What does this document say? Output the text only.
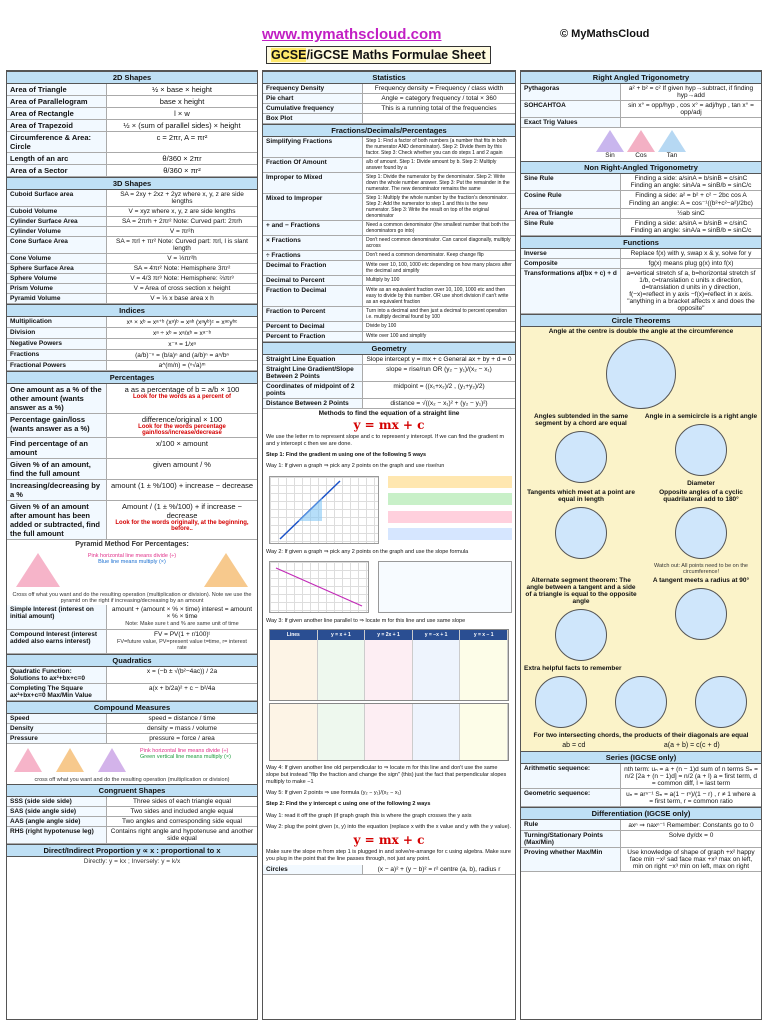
www.mymathscloud.com	© MyMathsCloud
GCSE/iGCSE Maths Formulae Sheet
2D Shapes
Area of Triangle	½ × base × height
Area of Parallelogram	base x height
Area of Rectangle	l × w
Area of Trapezoid	½ × (sum of parallel sides) × height
Circumference & Area: Circle
c = 2πr, A = πr²
Length of an arc	θ/360 × 2πr
Area of a Sector	θ/360 × πr²
3D Shapes
Cuboid Surface area	SA = 2xy + 2xz + 2yz where x, y, z are side lengths
Cuboid Volume	V = xyz where x, y, z are side lengths
Cylinder Surface Area	SA = 2πrh + 2πr² Note: Curved part: 2πrh
Cylinder Volume	V = πr²h
Cone Surface Area	SA = πrl + πr² Note: Curved part: πrl, l is slant length
Cone Volume	V = ⅓πr²h
Sphere Surface Area	SA = 4πr² Note: Hemisphere 3πr²
Sphere Volume	V = 4/3 πr³ Note: Hemisphere: ⅔πr³
Prism Volume	V = Area of cross section x height
Pyramid Volume	V = ⅓ x base area x h
Indices
Multiplication	xᵃ × xᵇ = xᵃ⁺ᵇ (xᵃ)ᵇ = xᵃᵇ (xᵃyᵇ)ᶜ = xᵃᶜyᵇᶜ
Division	xᵃ ÷ xᵇ = xᵃ/xᵇ = xᵃ⁻ᵇ
Negative Powers	x⁻ᵃ = 1/xᵃ
Fractions	(a/b)⁻ⁿ = (b/a)ⁿ and (a/b)ⁿ = aⁿ/bⁿ
Fractional Powers	a^(m/n) = (ⁿ√a)ᵐ
Percentages
One amount as a % of the other amount (wants answer as a %)
a as a percentage of b = a/b × 100
Look for the words as a percent of
Percentage gain/loss (wants answer as a %)
difference/original × 100
Look for the words percentage gain/loss/increase/decrease
Find percentage of an amount
x/100 × amount
Given % of an amount, find the full amount
given amount / %
Increasing/decreasing by a %
amount (1 ± %/100) + increase − decrease
Given % of an amount after amount has been added or subtracted, find the full amount
Amount / (1 ± %/100) + if increase − decrease
Look for the words originally, at the beginning, before..
Pyramid Method For Percentages:
Pink horizontal line means divide (÷)
Blue line means multiply (×)
Cross off what you want and do the resulting operation (multiplication or division). Note we use the pyramid on the right if increasing/decreasing by an amount
Simple Interest (interest on initial amount)
amount + (amount × % × time) interest = amount × % × time
Note: Make sure t and % are same unit of time
Compound Interest (interest added also earns interest)
FV = PV(1 + r/100)ᵗ
FV=future value, PV=present value t=time, r= interest rate
Quadratics
Quadratic Function: Solutions to ax²+bx+c=0
x = (−b ± √(b²−4ac)) / 2a
Completing The Square ax²+bx+c=0 Max/Min Value
a(x + b/2a)² + c − b²/4a
Compound Measures
Speed	speed = distance / time
Density	density = mass / volume
Pressure	pressure = force / area
Pink horizontal line means divide (÷)
Green vertical line means multiply (×)
cross off what you want and do the resulting operation (multiplication or division)
Congruent Shapes
SSS (side side side)	Three sides of each triangle equal
SAS (side angle side)	Two sides and included angle equal
AAS (angle angle side)	Two angles and corresponding side equal
RHS (right hypotenuse leg)	Contains right angle and hypotenuse and another side equal
Direct/Indirect Proportion y ∝ x : proportional to x
Directly: y = kx ; Inversely: y = k/x
Statistics
Frequency Density	Frequency density = Frequency / class width
Pie chart	Angle = category frequency / total × 360
Cumulative frequency	This is a running total of the frequencies
Box Plot
Fractions/Decimals/Percentages
Simplifying Fractions	Step 1: Find a factor of both numbers (a number that fits in both the numerator AND denominator). Step 2: Divide them by this factor. Step 3: Check whether you can do steps 1 and 2 again
Fraction Of Amount	a/b of amount. Step 1: Divide amount by b. Step 2: Multiply answer found by a
Improper to Mixed	Step 1: Divide the numerator by the denominator. Step 2: Write down the whole number answer. Step 3: Put the remainder in the numerator. The new denominator remains the same
Mixed to Improper	Step 1: Multiply the whole number by the fraction's denominator. Step 2: Add the numerator to step 1 and this is the new numerator. Step 3: Write the result on top of the original denominator
+ and − Fractions	Need a common denominator (the smallest number that both the denominators go into)
× Fractions	Don't need common denominator. Can cancel diagonally, multiply across
÷ Fractions	Don't need a common denominator. Keep change flip
Decimal to Fraction	Write over 10, 100, 1000 etc depending on how many places after the decimal and simplify
Decimal to Percent	Multiply by 100
Fraction to Decimal	Write as an equivalent fraction over 10, 100, 1000 etc and then easy to divide by this number. OR use short division if can't write as an equivalent fraction
Fraction to Percent	Turn into a decimal and then just a decimal to percent operation i.e. multiply decimal found by 100
Percent to Decimal	Divide by 100
Percent to Fraction	Write over 100 and simplify
Geometry
Straight Line Equation	Slope intercept y = mx + c General ax + by + d = 0
Straight Line Gradient/Slope Between 2 Points
slope = rise/run OR (y₂ − y₁)/(x₂ − x₁)
Coordinates of midpoint of 2 points
midpoint = ((x₁+x₂)/2 , (y₁+y₂)/2)
Distance Between 2 Points	distance = √((x₂ − x₁)² + (y₂ − y₁)²)
Methods to find the equation of a straight line
y = mx + c
We use the letter m to represent slope and c to represent y intercept. If we can find the gradient m and y intercept c then we are done.
Step 1: Find the gradient m using one of the following 5 ways
Way 1: If given a graph ⇒ pick any 2 points on the graph and use rise/run
Way 2: If given a graph ⇒ pick any 2 points on the graph and use the slope formula
Way 3: If given another line parallel to ⇒ locate m for this line and use same slope
Lines	y = x + 1	y = 2x + 1	y = −x + 1	y = x − 1
Way 4: If given another line old perpendicular to ⇒ locate m for this line and don't use the same slope but instead "flip the fraction and change the sign" (this) just the fact that perpendicular slopes multiply to make −1
Way 5: If given 2 points ⇒ use formula (y₂ − y₁)/(x₂ − x₁)
Step 2: Find the y intercept c using one of the following 2 ways
Way 1: read it off the graph (if graph graph this is where the graph crosses the y axis
Way 2: plug the point given (x, y) into the equation (replace x with the x value and y with the y value).
y = mx + c
Make sure the slope m from step 1 is plugged in and solve/re-arrange for c using algebra. Make sure you plug in the point that the line passes through, not just any point.
Circles	(x − a)² + (y − b)² = r² centre (a, b), radius r
Right Angled Trigonometry
Pythagoras	a² + b² = c² If given hyp→subtract, if finding hyp→add
SOHCAHTOA	sin x° = opp/hyp , cos x° = adj/hyp , tan x° = opp/adj
Exact Trig Values
Sin	Cos	Tan
Non Right-Angled Trigonometry
Sine Rule	Finding a side: a/sinA = b/sinB = c/sinC Finding an angle: sinA/a = sinB/b = sinC/c
Cosine Rule	Finding a side: a² = b² + c² − 2bc cos A Finding an angle: A = cos⁻¹((b²+c²−a²)/2bc)
Area of Triangle	½ab sinC
Sine Rule	Finding a side: a/sinA = b/sinB = c/sinC Finding an angle: sinA/a = sinB/b = sinC/c
Functions
Inverse	Replace f(x) with y, swap x & y, solve for y
Composite	fg(x) means plug g(x) into f(x)
Transformations af(bx + c) + d	a=vertical stretch sf a, b=horizontal stretch sf 1/b, c=translation c units x direction, d=translation d units in y direction, f(−x)=reflect in y axis −f(x)=reflect in x axis. "anything in a bracket affects x and does the opposite"
Circle Theorems
Angle at the centre is double the angle at the circumference
Angles subtended in the same segment by a chord are equal
Angle in a semicircle is a right angle
Diameter
Tangents which meet at a point are equal in length
Opposite angles of a cyclic quadrilateral add to 180°
Watch out: All points need to be on the circumference!
Alternate segment theorem: The angle between a tangent and a side of a triangle is equal to the opposite angle
A tangent meets a radius at 90°
Extra helpful facts to remember
For two intersecting chords, the products of their diagonals are equal
ab = cd	a(a + b) = c(c + d)
Series (IGCSE only)
Arithmetic sequence:	nth term: uₙ = a + (n − 1)d sum of n terms Sₙ = n/2 [2a + (n − 1)d] = n/2 (a + l) a = first term, d = common diff, l = last term
Geometric sequence:	uₙ = arⁿ⁻¹ Sₙ = a(1 − rⁿ)/(1 − r) , r ≠ 1 where a = first term, r = common ratio
Differentiation (IGCSE only)
Rule	axⁿ ⇒ naxⁿ⁻¹ Remember: Constants go to 0
Turning/Stationary Points (Max/Min)
Solve dy/dx = 0
Proving whether Max/Min	Use knowledge of shape of graph +x² happy face min −x² sad face max +x³ max on left, min on right −x³ min on left, max on right
